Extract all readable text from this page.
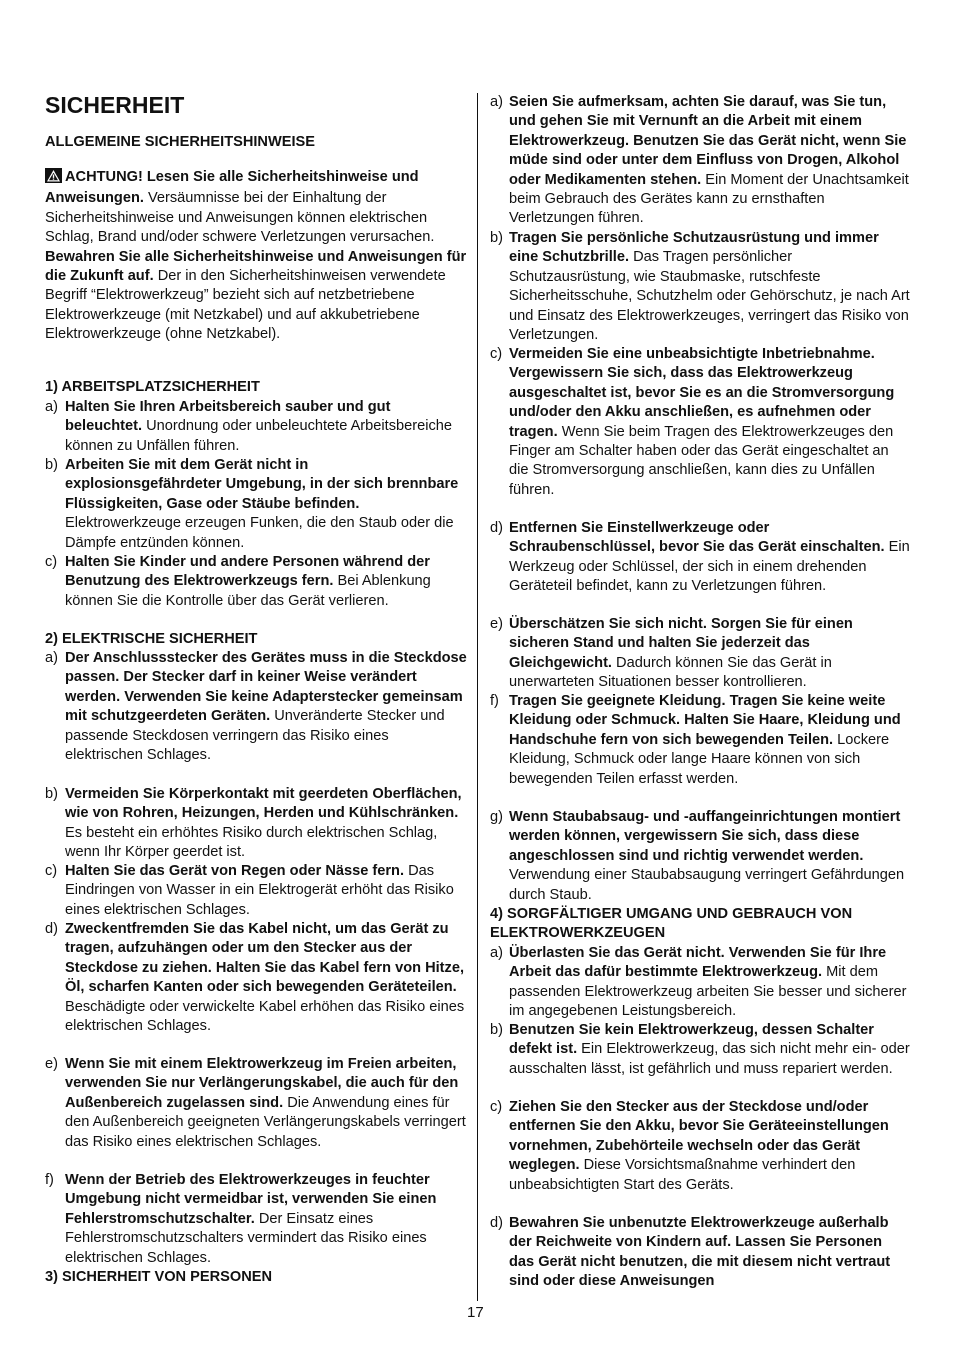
SICHERHEIT
ALLGEMEINE SICHERHEITSHINWEISE
ACHTUNG! Lesen Sie alle Sicherheitshinweise und Anweisungen. Versäumnisse bei der Einhaltung der Sicherheitshinweise und Anweisungen können elektrischen Schlag, Brand und/oder schwere Verletzungen verursachen. Bewahren Sie alle Sicherheitshinweise und Anweisungen für die Zukunft auf. Der in den Sicherheitshinweisen verwendete Begriff “Elektrowerkzeug” bezieht sich auf netzbetriebene Elektrowerkzeuge (mit Netzkabel) und auf akkubetriebene Elektrowerkzeuge (ohne Netzkabel).
1) ARBEITSPLATZSICHERHEIT
a) Halten Sie Ihren Arbeitsbereich sauber und gut beleuchtet. Unordnung oder unbeleuchtete Arbeitsbereiche können zu Unfällen führen.
b) Arbeiten Sie mit dem Gerät nicht in explosionsgefährdeter Umgebung, in der sich brennbare Flüssigkeiten, Gase oder Stäube befinden. Elektrowerkzeuge erzeugen Funken, die den Staub oder die Dämpfe entzünden können.
c) Halten Sie Kinder und andere Personen während der Benutzung des Elektrowerkzeugs fern. Bei Ablenkung können Sie die Kontrolle über das Gerät verlieren.
2) ELEKTRISCHE SICHERHEIT
a) Der Anschlussstecker des Gerätes muss in die Steckdose passen. Der Stecker darf in keiner Weise verändert werden. Verwenden Sie keine Adapterstecker gemeinsam mit schutzgeerdeten Geräten. Unveränderte Stecker und passende Steckdosen verringern das Risiko eines elektrischen Schlages.
b) Vermeiden Sie Körperkontakt mit geerdeten Oberflächen, wie von Rohren, Heizungen, Herden und Kühlschränken. Es besteht ein erhöhtes Risiko durch elektrischen Schlag, wenn Ihr Körper geerdet ist.
c) Halten Sie das Gerät von Regen oder Nässe fern. Das Eindringen von Wasser in ein Elektrogerät erhöht das Risiko eines elektrischen Schlages.
d) Zweckentfremden Sie das Kabel nicht, um das Gerät zu tragen, aufzuhängen oder um den Stecker aus der Steckdose zu ziehen. Halten Sie das Kabel fern von Hitze, Öl, scharfen Kanten oder sich bewegenden Geräteteilen. Beschädigte oder verwickelte Kabel erhöhen das Risiko eines elektrischen Schlages.
e) Wenn Sie mit einem Elektrowerkzeug im Freien arbeiten, verwenden Sie nur Verlängerungskabel, die auch für den Außenbereich zugelassen sind. Die Anwendung eines für den Außenbereich geeigneten Verlängerungskabels verringert das Risiko eines elektrischen Schlages.
f) Wenn der Betrieb des Elektrowerkzeuges in feuchter Umgebung nicht vermeidbar ist, verwenden Sie einen Fehlerstromschutzschalter. Der Einsatz eines Fehlerstromschutzschalters vermindert das Risiko eines elektrischen Schlages.
3) SICHERHEIT VON PERSONEN
a) Seien Sie aufmerksam, achten Sie darauf, was Sie tun, und gehen Sie mit Vernunft an die Arbeit mit einem Elektrowerkzeug. Benutzen Sie das Gerät nicht, wenn Sie müde sind oder unter dem Einfluss von Drogen, Alkohol oder Medikamenten stehen. Ein Moment der Unachtsamkeit beim Gebrauch des Gerätes kann zu ernsthaften Verletzungen führen.
b) Tragen Sie persönliche Schutzausrüstung und immer eine Schutzbrille. Das Tragen persönlicher Schutzausrüstung, wie Staubmaske, rutschfeste Sicherheitsschuhe, Schutzhelm oder Gehörschutz, je nach Art und Einsatz des Elektrowerkzeuges, verringert das Risiko von Verletzungen.
c) Vermeiden Sie eine unbeabsichtigte Inbetriebnahme. Vergewissern Sie sich, dass das Elektrowerkzeug ausgeschaltet ist, bevor Sie es an die Stromversorgung und/oder den Akku anschließen, es aufnehmen oder tragen. Wenn Sie beim Tragen des Elektrowerkzeuges den Finger am Schalter haben oder das Gerät eingeschaltet an die Stromversorgung anschließen, kann dies zu Unfällen führen.
d) Entfernen Sie Einstellwerkzeuge oder Schraubenschlüssel, bevor Sie das Gerät einschalten. Ein Werkzeug oder Schlüssel, der sich in einem drehenden Geräteteil befindet, kann zu Verletzungen führen.
e) Überschätzen Sie sich nicht. Sorgen Sie für einen sicheren Stand und halten Sie jederzeit das Gleichgewicht. Dadurch können Sie das Gerät in unerwarteten Situationen besser kontrollieren.
f) Tragen Sie geeignete Kleidung. Tragen Sie keine weite Kleidung oder Schmuck. Halten Sie Haare, Kleidung und Handschuhe fern von sich bewegenden Teilen. Lockere Kleidung, Schmuck oder lange Haare können von sich bewegenden Teilen erfasst werden.
g) Wenn Staubabsaug- und -auffangeinrichtungen montiert werden können, vergewissern Sie sich, dass diese angeschlossen sind und richtig verwendet werden. Verwendung einer Staubabsaugung verringert Gefährdungen durch Staub.
4) SORGFÄLTIGER UMGANG UND GEBRAUCH VON ELEKTROWERKZEUGEN
a) Überlasten Sie das Gerät nicht. Verwenden Sie für Ihre Arbeit das dafür bestimmte Elektrowerkzeug. Mit dem passenden Elektrowerkzeug arbeiten Sie besser und sicherer im angegebenen Leistungsbereich.
b) Benutzen Sie kein Elektrowerkzeug, dessen Schalter defekt ist. Ein Elektrowerkzeug, das sich nicht mehr ein- oder ausschalten lässt, ist gefährlich und muss repariert werden.
c) Ziehen Sie den Stecker aus der Steckdose und/oder entfernen Sie den Akku, bevor Sie Geräteeinstellungen vornehmen, Zubehörteile wechseln oder das Gerät weglegen. Diese Vorsichtsmaßnahme verhindert den unbeabsichtigten Start des Geräts.
d) Bewahren Sie unbenutzte Elektrowerkzeuge außerhalb der Reichweite von Kindern auf. Lassen Sie Personen das Gerät nicht benutzen, die mit diesem nicht vertraut sind oder diese Anweisungen
17
